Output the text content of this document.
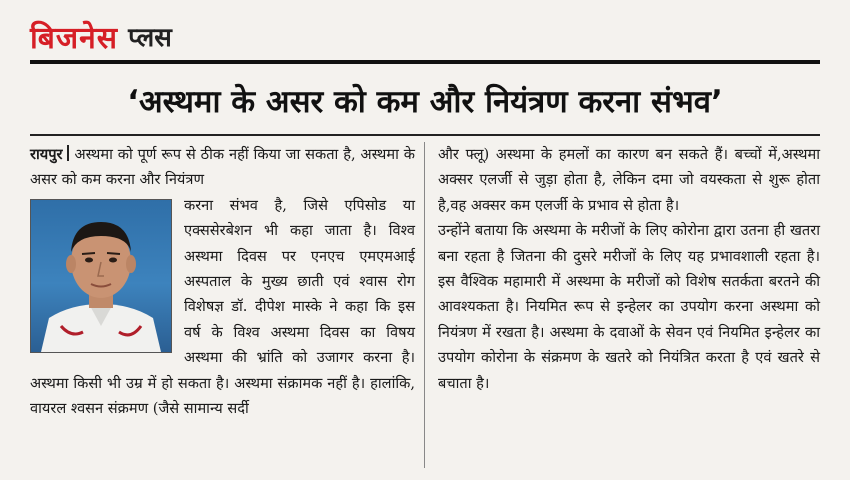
बिजनेस प्लस
‘अस्थमा के असर को कम और नियंत्रण करना संभव’
रायपुर अस्थमा को पूर्ण रूप से ठीक नहीं किया जा सकता है, अस्थमा के असर को कम करना और नियंत्रण
करना संभव है, जिसे एपिसोड या एक्ससेरबेशन भी कहा जाता है। विश्व अस्थमा दिवस पर एनएच एमएमआई अस्पताल के मुख्य छाती एवं श्वास रोग विशेषज्ञ डॉ. दीपेश मास्के ने कहा कि इस वर्ष के विश्व अस्थमा दिवस का विषय अस्थमा की भ्रांति को उजागर करना है। अस्थमा किसी भी उम्र में हो सकता है। अस्थमा संक्रामक नहीं है। हालांकि, वायरल श्वसन संक्रमण (जैसे सामान्य सर्दी
और फ्लू) अस्थमा के हमलों का कारण बन सकते हैं। बच्चों में,अस्थमा अक्सर एलर्जी से जुड़ा होता है, लेकिन दमा जो वयस्कता से शुरू होता है,वह अक्सर कम एलर्जी के प्रभाव से होता है।
उन्होंने बताया कि अस्थमा के मरीजों के लिए कोरोना द्वारा उतना ही खतरा बना रहता है जितना की दुसरे मरीजों के लिए यह प्रभावशाली रहता है। इस वैश्विक महामारी में अस्थमा के मरीजों को विशेष सतर्कता बरतने की आवश्यकता है। नियमित रूप से इन्हेलर का उपयोग करना अस्थमा को नियंत्रण में रखता है। अस्थमा के दवाओं के सेवन एवं नियमित इन्हेलर का उपयोग कोरोना के संक्रमण के खतरे को नियंत्रित करता है एवं खतरे से बचाता है।
